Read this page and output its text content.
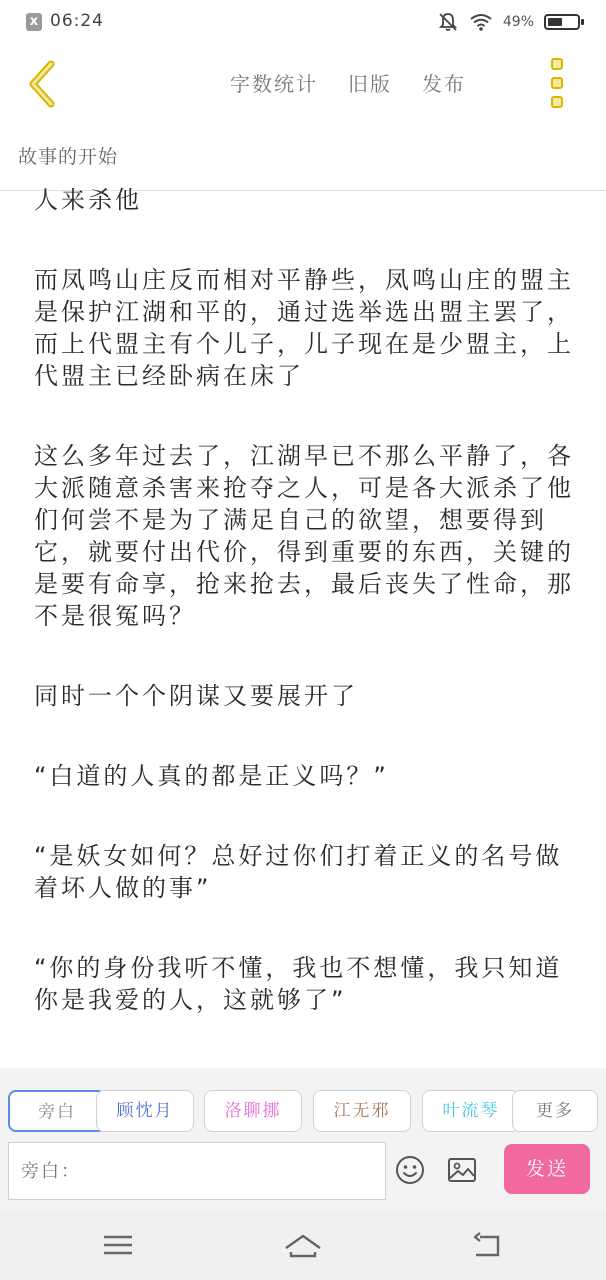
x 06:24	49%
字数统计 旧版 发布
故事的开始

人来杀他

而凤鸣山庄反而相对平静些，凤鸣山庄的盟主是保护江湖和平的，通过选举选出盟主罢了，而上代盟主有个儿子，儿子现在是少盟主，上代盟主已经卧病在床了

这么多年过去了，江湖早已不那么平静了，各大派随意杀害来抢夺之人，可是各大派杀了他们何尝不是为了满足自己的欲望，想要得到它，就要付出代价，得到重要的东西，关键的是要有命享，抢来抢去，最后丧失了性命，那不是很冤吗？

同时一个个阴谋又要展开了

“白道的人真的都是正义吗？”

“是妖女如何？总好过你们打着正义的名号做着坏人做的事”

“你的身份我听不懂，我也不想懂，我只知道你是我爱的人，这就够了”

旁白	顾忱月	洛聊挪	江无邪	叶流琴	更多
旁白：
发送
